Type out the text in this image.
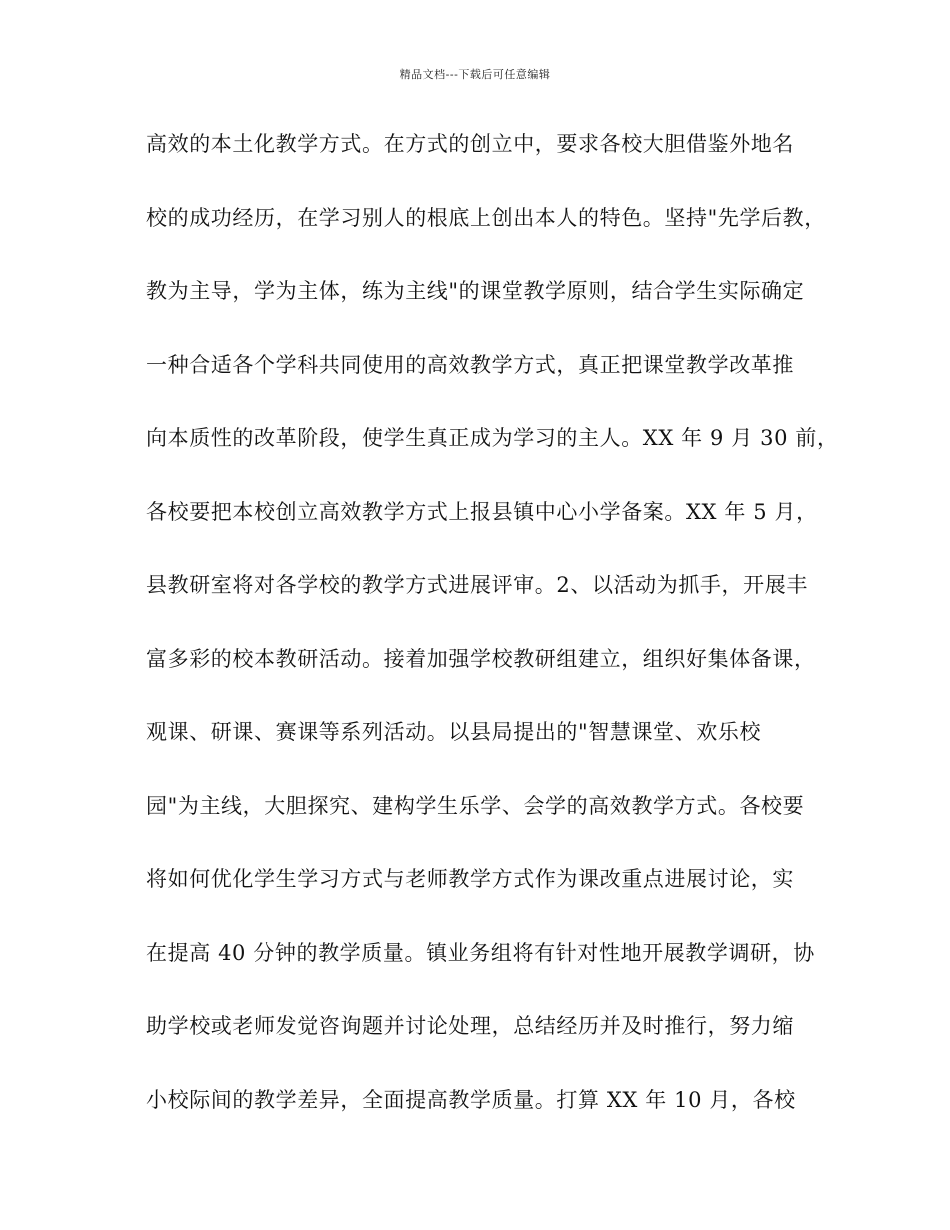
精品文档---下载后可任意编辑
高效的本土化教学方式。在方式的创立中，要求各校大胆借鉴外地名
校的成功经历，在学习别人的根底上创出本人的特色。坚持"先学后教，
教为主导，学为主体，练为主线"的课堂教学原则，结合学生实际确定
一种合适各个学科共同使用的高效教学方式，真正把课堂教学改革推
向本质性的改革阶段，使学生真正成为学习的主人。XX 年 9 月 30 前，
各校要把本校创立高效教学方式上报县镇中心小学备案。XX 年 5 月，
县教研室将对各学校的教学方式进展评审。2、以活动为抓手，开展丰
富多彩的校本教研活动。接着加强学校教研组建立，组织好集体备课，
观课、研课、赛课等系列活动。以县局提出的"智慧课堂、欢乐校
园"为主线，大胆探究、建构学生乐学、会学的高效教学方式。各校要
将如何优化学生学习方式与老师教学方式作为课改重点进展讨论，实
在提高 40 分钟的教学质量。镇业务组将有针对性地开展教学调研，协
助学校或老师发觉咨询题并讨论处理，总结经历并及时推行，努力缩
小校际间的教学差异，全面提高教学质量。打算 XX 年 10 月，各校
